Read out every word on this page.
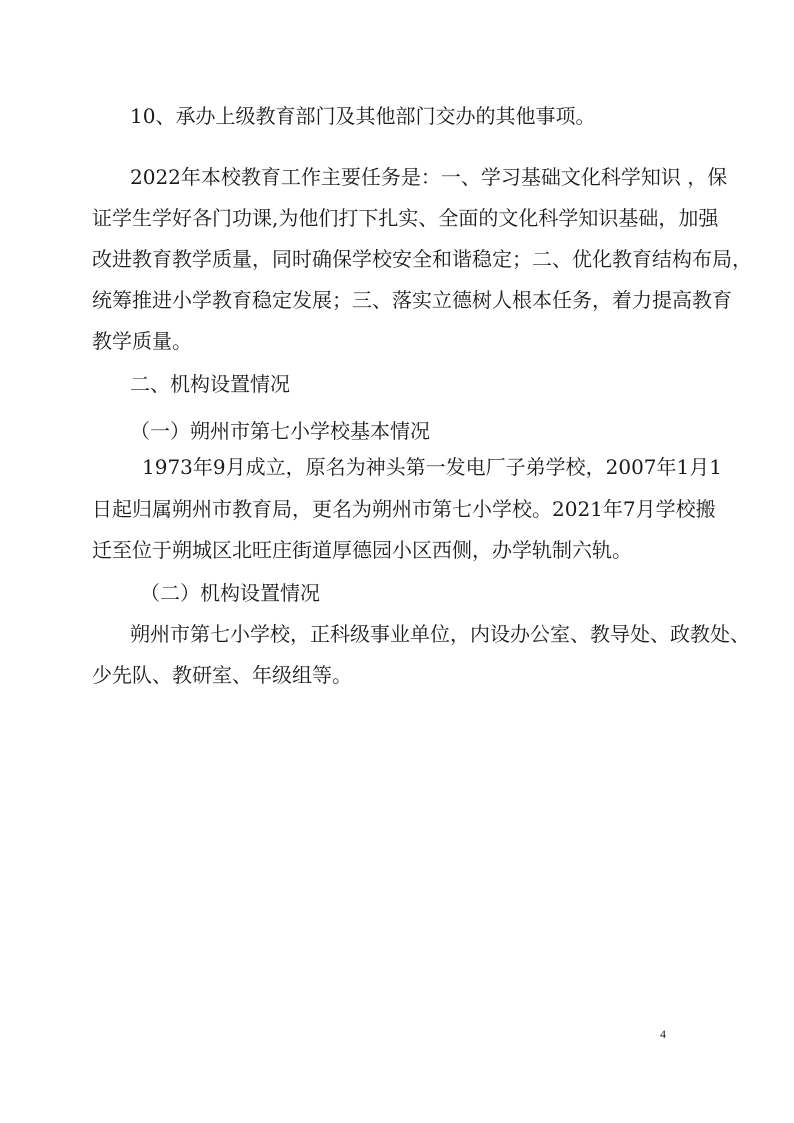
10、承办上级教育部门及其他部门交办的其他事项。

2022年本校教育工作主要任务是：一、学习基础文化科学知识 ，保

证学生学好各门功课,为他们打下扎实、全面的文化科学知识基础，加强

改进教育教学质量，同时确保学校安全和谐稳定；二、优化教育结构布局，

统筹推进小学教育稳定发展；三、落实立德树人根本任务，着力提高教育

教学质量。

二、机构设置情况

（一）朔州市第七小学校基本情况

1973年9月成立，原名为神头第一发电厂子弟学校，2007年1月1

日起归属朔州市教育局，更名为朔州市第七小学校。2021年7月学校搬

迁至位于朔城区北旺庄街道厚德园小区西侧，办学轨制六轨。

（二）机构设置情况

朔州市第七小学校，正科级事业单位，内设办公室、教导处、政教处、

少先队、教研室、年级组等。

4
